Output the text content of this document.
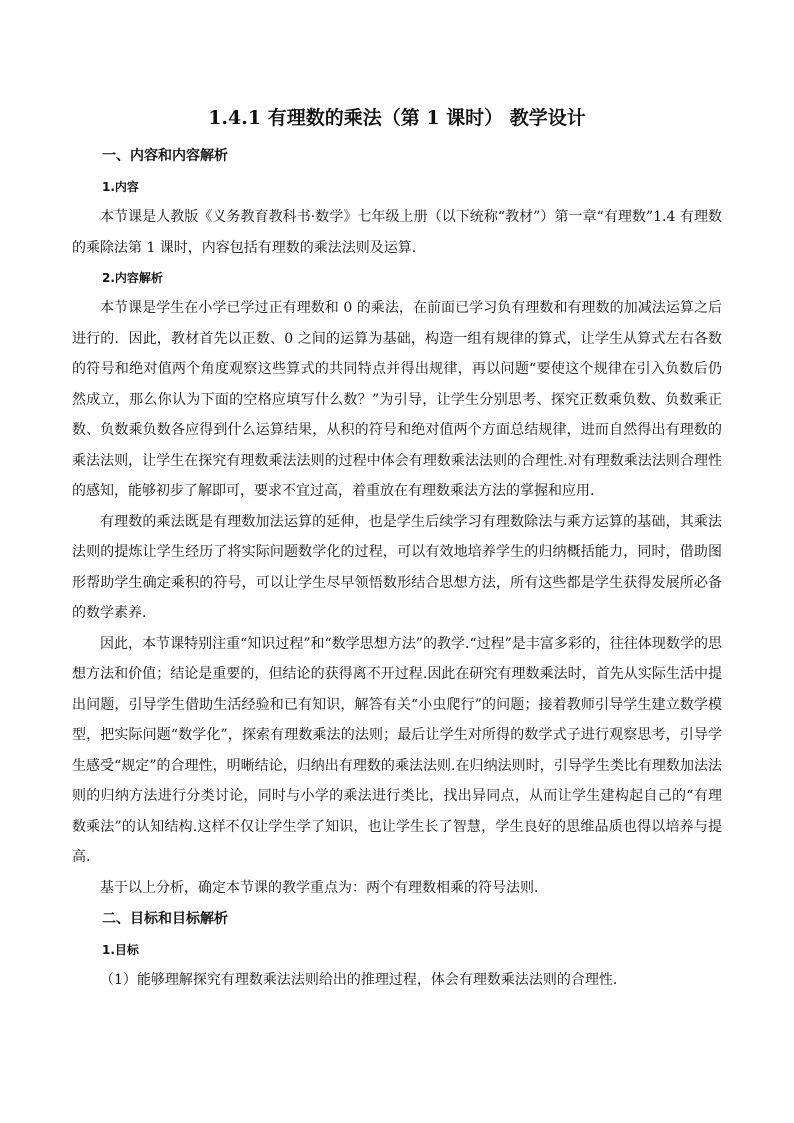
1.4.1 有理数的乘法（第 1 课时） 教学设计
一、内容和内容解析
1.内容

本节课是人教版《义务教育教科书·数学》七年级上册（以下统称“教材”）第一章“有理数”1.4 有理数的乘除法第 1 课时，内容包括有理数的乘法法则及运算.

2.内容解析

本节课是学生在小学已学过正有理数和 0 的乘法，在前面已学习负有理数和有理数的加减法运算之后进行的．因此，教材首先以正数、0 之间的运算为基础，构造一组有规律的算式，让学生从算式左右各数的符号和绝对值两个角度观察这些算式的共同特点并得出规律，再以问题“要使这个规律在引入负数后仍然成立，那么你认为下面的空格应填写什么数？”为引导，让学生分别思考、探究正数乘负数、负数乘正数、负数乘负数各应得到什么运算结果，从积的符号和绝对值两个方面总结规律，进而自然得出有理数的乘法法则，让学生在探究有理数乘法法则的过程中体会有理数乘法法则的合理性.对有理数乘法法则合理性的感知，能够初步了解即可，要求不宜过高，着重放在有理数乘法方法的掌握和应用.

有理数的乘法既是有理数加法运算的延伸，也是学生后续学习有理数除法与乘方运算的基础，其乘法法则的提炼让学生经历了将实际问题数学化的过程，可以有效地培养学生的归纳概括能力，同时，借助图形帮助学生确定乘积的符号，可以让学生尽早领悟数形结合思想方法，所有这些都是学生获得发展所必备的数学素养.

因此，本节课特别注重“知识过程”和“数学思想方法”的教学.“过程”是丰富多彩的，往往体现数学的思想方法和价值；结论是重要的，但结论的获得离不开过程.因此在研究有理数乘法时，首先从实际生活中提出问题，引导学生借助生活经验和已有知识，解答有关“小虫爬行”的问题；接着教师引导学生建立数学模型，把实际问题“数学化”，探索有理数乘法的法则；最后让学生对所得的数学式子进行观察思考，引导学生感受“规定”的合理性，明晰结论，归纳出有理数的乘法法则.在归纳法则时，引导学生类比有理数加法法则的归纳方法进行分类讨论，同时与小学的乘法进行类比，找出异同点，从而让学生建构起自己的“有理数乘法”的认知结构.这样不仅让学生学了知识，也让学生长了智慧，学生良好的思维品质也得以培养与提高.

基于以上分析，确定本节课的教学重点为：两个有理数相乘的符号法则.

二、目标和目标解析
1.目标

（1）能够理解探究有理数乘法法则给出的推理过程，体会有理数乘法法则的合理性.
